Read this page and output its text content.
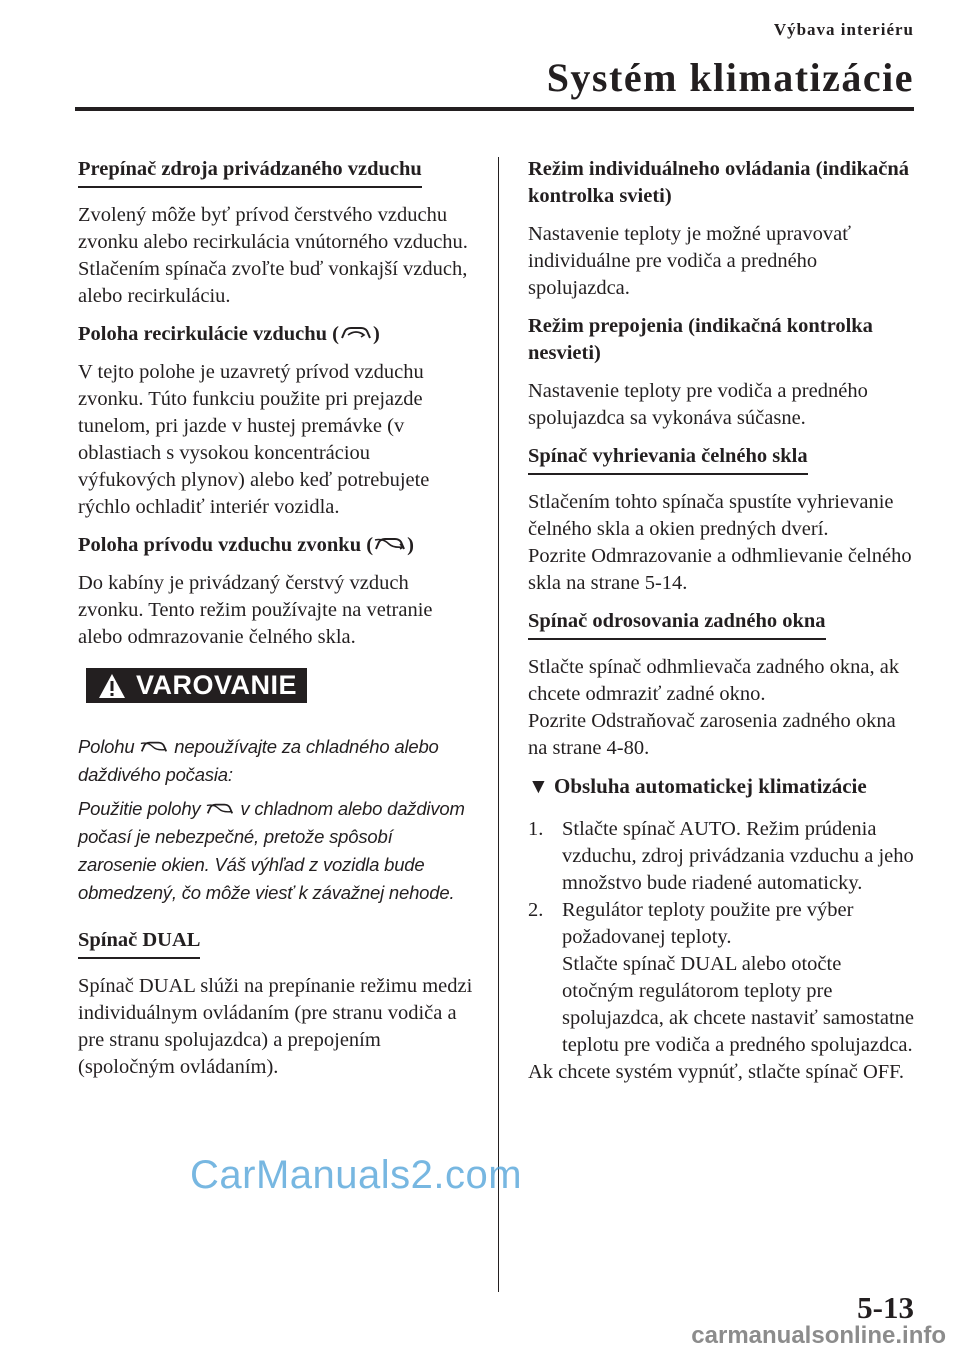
Výbava interiéru
Systém klimatizácie
Prepínač zdroja privádzaného vzduchu

Zvolený môže byť prívod čerstvého vzduchu zvonku alebo recirkulácia vnútorného vzduchu. Stlačením spínača zvoľte buď vonkajší vzduch, alebo recirkuláciu.

Poloha recirkulácie vzduchu ( )

V tejto polohe je uzavretý prívod vzduchu zvonku. Túto funkciu použite pri prejazde tunelom, pri jazde v hustej premávke (v oblastiach s vysokou koncentráciou výfukových plynov) alebo keď potrebujete rýchlo ochladiť interiér vozidla.

Poloha prívodu vzduchu zvonku ( )

Do kabíny je privádzaný čerstvý vzduch zvonku. Tento režim používajte na vetranie alebo odmrazovanie čelného skla.

VAROVANIE

Polohu  nepoužívajte za chladného alebo daždivého počasia:

Použitie polohy  v chladnom alebo daždivom počasí je nebezpečné, pretože spôsobí zarosenie okien. Váš výhľad z vozidla bude obmedzený, čo môže viesť k závažnej nehode.

Spínač DUAL

Spínač DUAL slúži na prepínanie režimu medzi individuálnym ovládaním (pre stranu vodiča a pre stranu spolujazdca) a prepojením (spoločným ovládaním).

Režim individuálneho ovládania (indikačná kontrolka svieti)

Nastavenie teploty je možné upravovať individuálne pre vodiča a predného spolujazdca.

Režim prepojenia (indikačná kontrolka nesvieti)

Nastavenie teploty pre vodiča a predného spolujazdca sa vykonáva súčasne.

Spínač vyhrievania čelného skla

Stlačením tohto spínača spustíte vyhrievanie čelného skla a okien predných dverí.

Pozrite Odmrazovanie a odhmlievanie čelného skla na strane 5-14.

Spínač odrosovania zadného okna

Stlačte spínač odhmlievača zadného okna, ak chcete odmraziť zadné okno.

Pozrite Odstraňovač zarosenia zadného okna na strane 4-80.

▼ Obsluha automatickej klimatizácie
1. Stlačte spínač AUTO. Režim prúdenia vzduchu, zdroj privádzania vzduchu a jeho množstvo bude riadené automaticky.
2. Regulátor teploty použite pre výber požadovanej teploty.
Stlačte spínač DUAL alebo otočte otočným regulátorom teploty pre spolujazdca, ak chcete nastaviť samostatne teplotu pre vodiča a predného spolujazdca.

Ak chcete systém vypnúť, stlačte spínač OFF.

CarManuals2.com
5-13
carmanualsonline.info
